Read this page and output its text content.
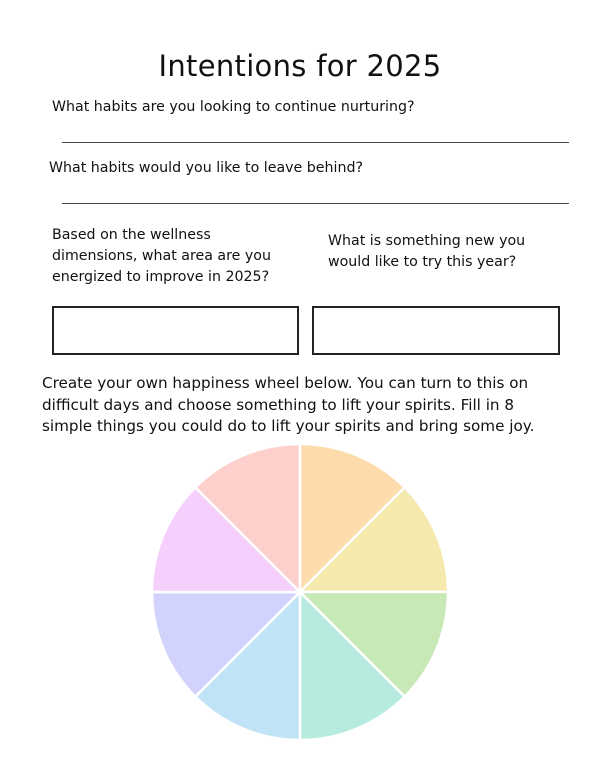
Intentions for 2025
What habits are you looking to continue nurturing?
What habits would you like to leave behind?
Based on the wellness
dimensions, what area are you
energized to improve in 2025?
What is something new you
would like to try this year?
Create your own happiness wheel below. You can turn to this on
difficult days and choose something to lift your spirits. Fill in 8
simple things you could do to lift your spirits and bring some joy.
